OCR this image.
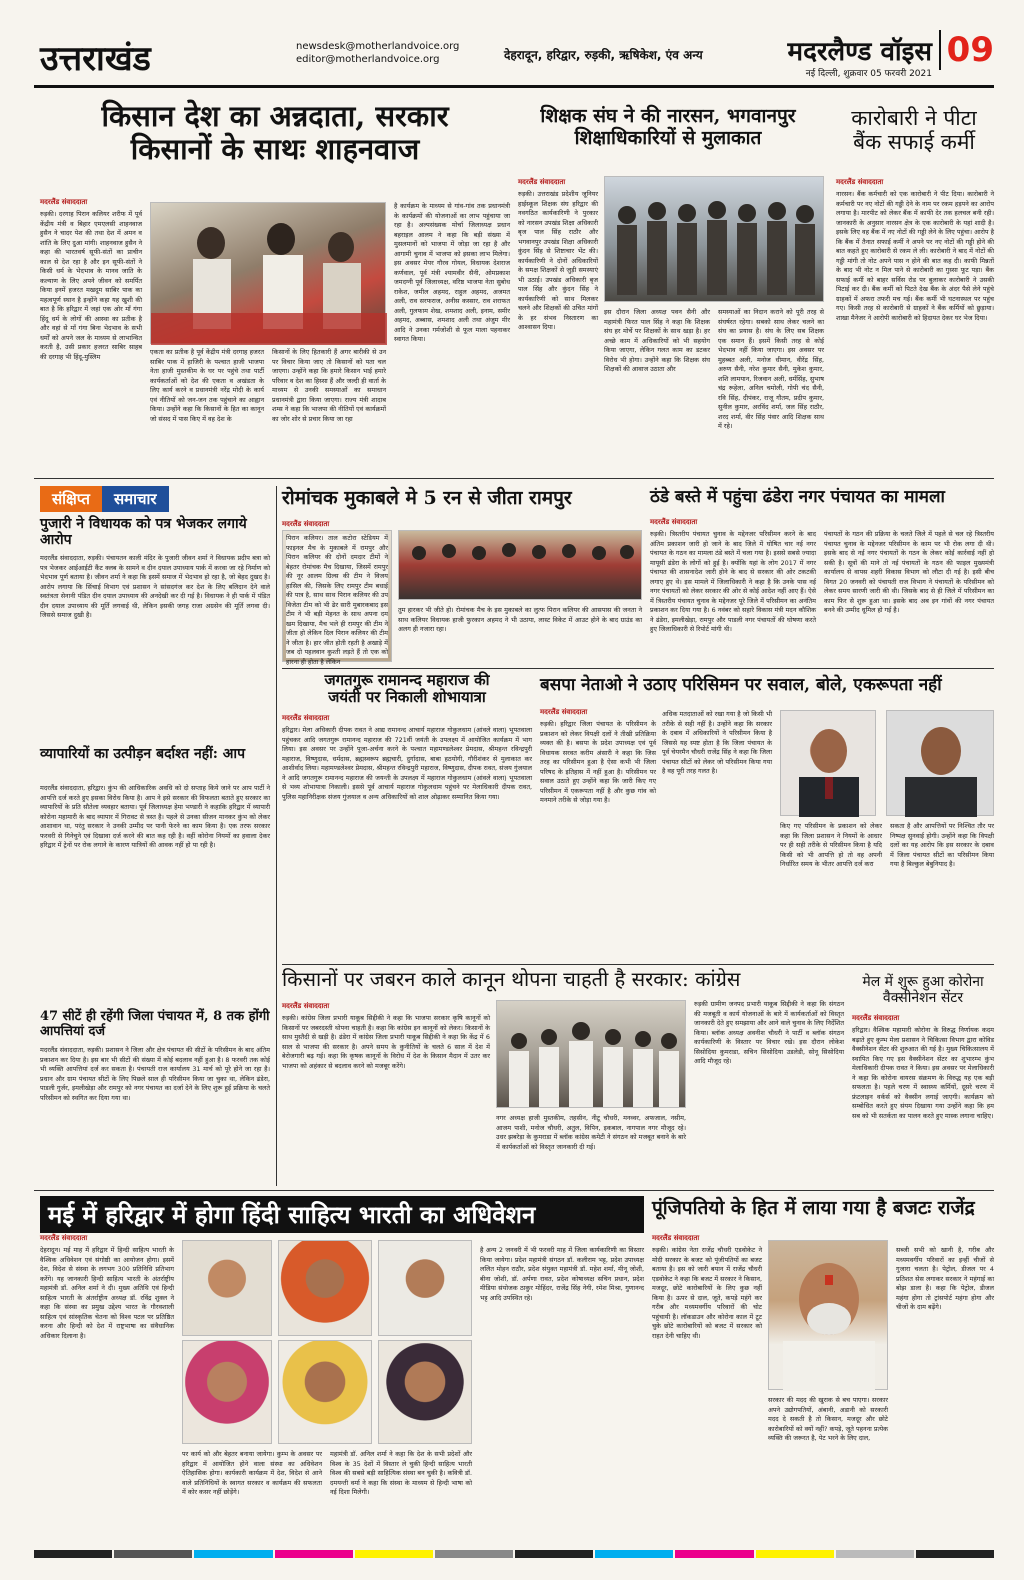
उत्तराखंड	newsdesk@motherlandvoice.org
editor@motherlandvoice.org	देहरादून, हरिद्वार, रुड़की, ऋषिकेश, एंव अन्य	मदरलैण्ड वॉइस
नई दिल्ली, शुक्रवार 05 फरवरी 2021
09
किसान देश का अन्नदाता, सरकार
किसानों के साथः शाहनवाज
मदरलैंड संवाददाता
रुड़की। दरगाह पिरान कलियर शरीफ में पूर्व केंद्रीय मंत्री व बिहार एमएलसी शाहनवाज हुसैन ने चादर पेश की तथा देश में अमन व शांति के लिए दुआ मांगी। शाहनवाज हुसैन ने कहा की भारतवर्ष सूफी-संतों का प्राचीन काल से देश रहा है और इन सूफी-संतों ने किसी धर्म के भेदभाव के मानव जाति के कल्याण के लिए अपने जीवन को समर्पित किया इनमें हजरत मखदूम साबिर पाक का महत्वपूर्ण स्थान है इन्होंने कहा यह खुशी की बात है कि हरिद्वार में जहां एक ओर माँ गंगा हिंदू धर्म के लोगों की आस्था का प्रतीक है और वहां से माँ गंगा बिना भेदभाव के सभी धर्मों को अपने जल के माध्यम से लाभान्वित करती है, उसी प्रकार हजरत साबिर साहब की दरगाह भी हिंदू-मुस्लिम
एकता का प्रतीक है पूर्व केंद्रीय मंत्री दरगाह हजरत साबिर पाक में हाजिरी के पश्चात हाजी भाजपा नेता हाजी मुस्तकीम के घर पर पहुंचे तथा पार्टी कार्यकर्ताओं को देश की एकता व अखंडता के लिए कार्य करने व प्रधानमंत्री नरेंद्र मोदी के कार्य एवं नीतियों को जन-जन तक पहुंचाने का आह्वान किया। उन्होंने कहा कि किसानों के हित का कानून जो संसद में पास किए में वह देश के
किसानों के लिए हितकारी हैं अगर बारीकी से उन पर विचार किया जाए तो किसानों को पता चल जाएगा। उन्होंने कहा कि हमारे किसान भाई हमारे परिवार व देश का हिस्सा हैं और जल्दी ही वार्ता के माध्यम से उनकी समस्याओं का समाधान प्रधानमंत्री द्वारा किया जाएगा। राज्य मंत्री शादाब शम्स ने कहा कि भाजपा की नीतियों एवं कार्यक्रमों का जोर शोर से प्रचार किया जा रहा
है कार्यक्रम के माध्यम से गांव-गांव तक प्रधानमंत्री के कार्यक्रमों की योजनाओं का लाभ पहुंचाया जा रहा है। अल्पसंख्यक मोर्चा जिलाध्यक्ष प्रधान बहराइल आलम ने कहा कि बड़ी संख्या में मुसलमानों को भाजपा में जोड़ा जा रहा है और आगामी चुनाव में भाजपा को इसका लाभ मिलेगा। इस अवसर मेयर गौरव गोयल, विधायक देशराज कर्णवाल, पूर्व मंत्री श्यामवीर सैनी, ओमप्रकाश जमदग्नी पूर्व जिलाध्यक्ष, वरिष्ठ भाजपा नेता सुबोध राकेश, जमील अहमद, राहुल अहमद, अजमत अली, राव सरफराज, अनीस कस्सार, राव शराफत अली, गुलफाम शेख, शमशाद अली, इनाम, समीर अहमद, अब्बास, शमशाद अली तथा अंजुम मीर आदि ने उनका गर्मजोशी से फूल माला पहनाकर स्वागत किया।
शिक्षक संघ ने की नारसन, भगवानपुर
शिक्षाधिकारियों से मुलाकात
मदरलैंड संवाददाता
रुड़की। उत्तराखंड प्रदेशीय जूनियर हाईस्कूल शिक्षक संघ हरिद्वार की नवगठित कार्यकारिणी ने पुरकार को नारसन उपखंड शिक्षा अधिकारी बृज पाल सिंह राठौर और भगवानपुर उपखंड शिक्षा अधिकारी कुंदन सिंह से शिष्टाचार भेंट की। कार्यकारिणी ने दोनों अधिकारियों के समक्ष शिक्षकों से जुड़ी समस्याएं भी उठाई। उपखंड अधिकारी बृज पाल सिंह और कुंदन सिंह ने कार्यकारिणी को साथ मिलकर चलने और शिक्षकों की उचित मांगों के हर संभव निस्तारण का आश्वासन दिया।
इस दौरान जिला अध्यक्ष पवन सैनी और महामंत्री फिरत पाल सिंह ने कहा कि शिक्षक संघ हर मोर्चे पर शिक्षकों के साथ खड़ा है। हर अच्छे काम में अधिकारियों को भी सहयोग किया जाएगा, लेकिन गलत काम का डटकर विरोध भी होगा। उन्होंने कहा कि शिक्षक संघ शिक्षकों की आवाज उठाता और
समस्याओं का निदान कराने को पूरी तरह से संघर्षरत रहेगा। सबको साथ लेकर चलने का संघ का प्रयास है। संघ के लिए सब शिक्षक एक समान हैं। इसमें किसी तरह से कोई भेदभाव नहीं किया जाएगा। इस अवसर पर मुहब्बत अली, मनोज धीमान, वीरेंद्र सिंह, अरुण सैनी, नरेश कुमार सैनी, मुकेश कुमार, शशि लामयान, रिजवान अली, धर्मसिंह, सुभाष चंद्र रूहेला, अनिल चमोली, गोपी चंद सैनी, रवि सिंह, दीपंकर, राजू गौतम, प्रदीप कुमार, सुनील कुमार, अरविंद शर्मा, जल सिंह राठौर, शरद शर्मा, वीर सिंह पंवार आदि शिक्षक साथ में रहे।
कारोबारी ने पीटा
बैंक सफाई कर्मी
मदरलैंड संवाददाता
नारसन। बैंक कर्मचारी को एक कारोबारी ने पीट दिया। कारोबारी ने कर्मचारी पर नए नोटों की गड्डी देने के नाम पर रकम हड़पने का आरोप लगाया है। मारपीट को लेकर बैंक में काफी देर तक हलचल बनी रही। जानकारी के अनुसार नारसन क्षेत्र के एक कारोबारी के यहां शादी है। इसके लिए वह बैंक में नए नोटों की गड्डी लेने के लिए पहुंचा। आरोप है कि बैंक में तैनात सफाई कर्मी ने अपने पर नए नोटों की गड्डी होने की बात कहते हुए कारोबारी से रकम ले ली। कारोबारी ने बाद में नोटों की गड्डी मांगी तो नोट अपने पास न होने की बात कह दी। काफी मिन्नतों के बाद भी नोट न मिल पाने से कारोबारी का गुस्सा फूट पड़ा। बैंक सफाई कर्मी को बाहर सर्विस रोड पर बुलाकर कारोबारी ने उसकी पिटाई कर दी। बैंक कर्मी को पिटते देख बैंक के अंदर पैसे लेने पहुंचे ग्राहकों में अफरा तफरी मच गई। बैंक कर्मी भी घटनास्थल पर पहुंच गए। किसी तरह से कारोबारी से ग्राहकों ने बैंक कर्मियों को छुड़ाया। शाखा मैनेजर ने आरोपी कारोबारी को हिदायत देकर घर भेज दिया।
संक्षिप्त	समाचार
पुजारी ने विधायक को पत्र भेजकर लगाये आरोप
मदरलैंड संवाददाता, रुड़की। पंचायतन काली मंदिर के पुजारी जीवन शर्मा ने विधायक प्रदीप बत्रा को पत्र भेजकर आईआईटी कैंट क्लब के सामने व दीन दयाल उपाध्याय पार्क में करवा जा रहे निर्माण को भेदभाव पूर्ण बताया है। जीवन शर्मा ने कहा कि इसमें समाज में भेदभाव हो रहा है, जो बेहद दुखद है। आरोप लगाया कि सिंचाई विभाग एवं प्रशासन ने सांसदगंज कर देश के लिए बलिदान देने वाले स्वतंत्रता सेनानी पंडित दीन दयाल उपाध्याय की अनदेखी कर दी गई है। विधायक ने ही पार्क में पंडित दीन दयाल उपाध्याय की मूर्ति लगवाई थी, लेकिन इसकी जगह राजा अग्रसेन की मूर्ति लगवा दी। जिससे समाज दुखी है।
व्यापारियों का उत्पीड़न बर्दाश्त नहीं: आप
मदरलैंड संवाददाता, हरिद्वार। कुंभ की आधिकारिक अवधि को दो सप्ताह किये जाने पर आप पार्टी ने आपत्ति दर्ज करते हुए इसका विरोध किया है। आप ने इसे सरकार की विफलता बताते हुए सरकार का व्यापारियों के प्रति सौतेला व्यवहार बताया। पूर्व जिलाध्यक्ष हेमा भण्डारी ने कहाकि हरिद्वार में व्यापारी कोरोना महामारी के बाद व्यापार में गिरावट से त्रस्त है। पहले से उनका सीजन मानकर कुंभ को लेकर आशावान था, परंतु सरकार ने उनकी उम्मीद पर पानी फेरने का काम किया है। एक तरफ सरकार फरवरी से गिनेचुने एवं दिखावा दर्ज करने की बात कह रही है। वहीं कोरोना नियमों का हवाला देकर हरिद्वार में ट्रेनों पर रोक लगाने के कारण यात्रियों की आवक नहीं हो पा रही है।
47 सीटें ही रहेंगी जिला पंचायत में, 8 तक होंगी आपत्तियां दर्ज
मदरलैंड संवाददाता, रुड़की। प्रशासन ने जिला और क्षेत्र पंचायत की सीटों के परिसीमन के बाद अंतिम प्रकाशन कर दिया है। इस बार भी सीटों की संख्या में कोई बदलाव नहीं हुआ है। 8 फरवरी तक कोई भी व्यक्ति आपत्तियां दर्ज कर सकता है। पंचायती राज कार्यालय 31 मार्च को पूरे होने जा रहा है। प्रधान और ग्राम पंचायत सीटों के लिए पिछले साल ही परिसीमन किया जा चुका था, लेकिन ढंडेरा, पाडली गुर्जर, इमलीखेड़ा और रामपुर को नगर पंचायत का दर्जा देने के लिए शुरू हुई प्रक्रिया के चलते परिसीमन को स्थगित कर दिया गया था।
रोमांचक मुकाबले मे 5 रन से जीता रामपुर
मदरलैंड संवाददाता
पिरान कलियर। ताल कटोरा स्टेडियम में फाइनल मैच के मुकाबले में रामपुर और पिरान कलियर की दोनों दमदार टीमों ने बेहतर रोमांचक मैच दिखाया, जिसमें रामपुर की नूर आलम ग्रिल्स की टीम ने विजय हासिल की, जिसके लिए रामपुर टीम बधाई की पात्र है, साथ साथ पिरान कलियर की उप विजेता टीम को भी ढेर सारी मुबारकबाद इस टीम ने भी बड़ी मेहनत के साथ अपना दम खम दिखाया, मैच भले ही रामपुर की टीम ने जीता हो लेकिन दिल पिरान कलियर की टीम ने जीता है। हार जीत होती रहती है अखाड़े में जब दो पहलवान कुश्ती लड़ते हैं तो एक को हारना ही होता है लेकिन
तुम हारकर भी जीते हो। रोमांचक मैच के इस मुकाबले का लुत्फ पिरान कलियर की आसपास की जनता ने साथ कलियर विधायक हाजी फुरकान अहमद ने भी उठाया, लास्ट विकेट में आउट होने के बाद ग्राउंड का अलग ही नजारा रहा।
ठंडे बस्ते में पहुंचा ढंडेरा नगर पंचायत का मामला
मदरलैंड संवाददाता
रुड़की। त्रिस्तरीय पंचायत चुनाव के मद्देनजर परिसीमन करने के बाद अंतिम प्रकाशन जारी हो जाने के बाद जिले में घोषित चार नई नगर पंचायत के गठन का मामला ठंडे बस्ते में चला गया है। इससे सबसे ज्यादा मायूसी ढंडेरा के लोगों को हुई है। क्योंकि यहां के लोग 2017 में नगर पंचायत की शासनादेश जारी होने के बाद से सरकार की ओर टकटकी लगाए हुए थे। इस मामले में जिलाधिकारी ने कहा है कि उनके पास नई नगर पंचायतों को लेकर सरकार की ओर से कोई आदेश नहीं आए हैं। ऐसे में त्रिस्तरीय पंचायत चुनाव के मद्देनजर पूरे जिले में परिसीमन का अनंतिम प्रकाशन कर दिया गया है। 6 नवंबर को सहारे विकास मंत्री मदन कौशिक ने ढंडेरा, इमलीखेड़ा, रामपुर और पाडली नगर पंचायतों की घोषणा करते हुए जिलाधिकारी से रिपोर्ट मांगी थी।
पंचायतों के गठन की प्रक्रिया के चलते जिले में पहले से चल रहे त्रिस्तरीय पंचायत चुनाव के मद्देनजर परिसीमन के काम पर भी रोक लगा दी थी। इसके बाद से नई नगर पंचायतों के गठन के लेकर कोई कार्रवाई नहीं हो सकी है। सूत्रों की माने तो नई पंचायतों के गठन की फाइल मुख्यमंत्री कार्यालय से वापस शहरी विकास विभाग को लौटा दी गई है। इसी बीच विगत 20 जनवरी को पंचायती राज विभाग ने पंचायतों के परिसीमन को लेकर समय सारणी जारी की थी। जिसके बाद से ही जिले में परिसीमन का काम फिर से शुरू हुआ था। इसके बाद अब इन गांवों की नगर पंचायत बनने की उम्मीद धूमिल हो गई है।
जगतगुरू रामानन्द महाराज की
जयंती पर निकाली शोभायात्रा
मदरलैंड संवाददाता
हरिद्वार। मेला अधिकारी दीपक रावत ने आद्य रामानन्द आचार्य महाराज गोकुलधाम (आंवले वाला) भूपतवाला पहुंचकर आदि जगतगुरू रामानन्द महाराज की 721वीं जयंती के उपलक्ष्य में आयोजित कार्यक्रम में भाग लिया। इस अवसर पर उन्होंने पूजा-अर्चना करने के पश्चात महामण्डलेश्वर प्रेमदास, श्रीमहन्त रविन्द्रपुरी महाराज, विष्णुदास, धर्मदास, ब्रह्मस्वरूप ब्रह्मचारी, दुर्गादास, बाबा हठयोगी, गौरीशंकर से मुलाकात कर आशीर्वाद लिया। महामण्डलेश्वर प्रेमदास, श्रीमहन्त रविन्द्रपुरी महाराज, विष्णुदास, दीपक रावत, संजय गुंजयाल ने आदि जगतगुरू रामानन्द महाराज की जयन्ती के उपलक्ष्य में महाराज गोकुलधाम (आंवले वाला) भूपतवाला से भव्य शोभायात्रा निकाली। इससे पूर्व आचार्य महाराज गोकुलधाम पहुंचने पर मेलाधिकारी दीपक रावत, पुलिस महानिरीक्षक संजय गुंजयाल व अन्य अधिकारियों को शाल ओढ़ाकर सम्मानित किया गया।
बसपा नेताओ ने उठाए परिसिमन पर सवाल, बोले, एकरूपता नहीं
मदरलैंड संवाददाता
रुड़की। हरिद्वार जिला पंचायत के परिसीमन के प्रकाशन को लेकर विपक्षी दलों ने तीखी प्रतिक्रिया व्यक्त की है। बसपा के प्रदेश उपाध्यक्ष एवं पूर्व विधायक सरवत करीम अंसारी ने कहा कि जिस तरह का परिसीमन हुआ है ऐसा कभी भी जिला परिषद के इतिहास में नहीं हुआ है। परिसीमन पर सवाल उठाते हुए उन्होंने कहा कि जारी किए गए परिसीमन में एकरूपता नहीं है और कुछ गांव को मनमाने तरीके से जोड़ा गया है।
अधिक मतदाताओं को रखा गया है जो किसी भी तरीके से सही नहीं है। उन्होंने कहा कि सरकार के दबाव में अधिकारियों ने परिसीमन किया है जिससे यह स्पष्ट होता है कि जिला पंचायत के पूर्व चेयरमैन चौधरी राजेंद्र सिंह ने कहा कि जिला पंचायत सीटों को लेकर जो परिसीमन किया गया है वह पूरी तरह गलत है।
किए गए परिसीमन के प्रकाशन को लेकर कहा कि जिला प्रशासन ने नियमों के आधार पर ही सही तरीके से परिसीमन किया है यदि किसी को भी आपत्ति हो तो वह अपनी निर्धारित समय के भीतर आपत्ति दर्ज करा
सकता है और आपत्तियों पर निश्चित तौर पर निष्पक्ष सुनवाई होगी। उन्होंने कहा कि विपक्षी दलों का यह आरोप कि इस सरकार के दबाव में जिला पंचायत सीटों का परिसीमन किया गया है बिल्कुल बेबुनियाद है।
किसानों पर जबरन काले कानून थोपना चाहती है सरकार: कांग्रेस
मदरलैंड संवाददाता
रुड़की। कांग्रेस जिला प्रभारी याकूब सिद्दीकी ने कहा कि भाजपा सरकार कृषि कानूनों को किसानों पर जबरदस्ती थोपना चाहती है। कहा कि कांग्रेस इन कानूनों को लेकर। किसानों के साथ मुस्तैदी से खड़ी है। ढंडेरा में कांग्रेस जिला प्रभारी याकूब सिद्दीकी ने कहा कि केंद्र में 6 साल से भाजपा की सरकार है। अपने समय के कुनीतियों के चलते 6 साल में देश में बेरोजगारी बढ़ गई। कहा कि कृषक कानूनों के विरोध में देश के किसान मैदान में उतर कर भाजपा को अहंकार से बदलाव करने को मजबूर करेंगे।
नगर अध्यक्ष हाजी मुस्तकीम, तहसीन, नीटू चौधरी, मनव्वर, अफजाल, नसीम, आजम पाशी, मनोज चौधरी, अतुल, विपिन, इकबाल, नागपाल नगर मौजूद रहे। उधर झबरेड़ा के कुमराडा में ब्लॉक कांग्रेस कमेटी ने संगठन को मजबूत बनाने के बारे में कार्यकर्ताओं को विस्तृत जानकारी दी गई।
रुड़की ग्रामीण जनपद प्रभारी याकूब सिद्दीकी ने कहा कि संगठन की मजबूती व कार्य योजनाओं के बारे में कार्यकर्ताओं को विस्तृत जानकारी देते हुए समझाया और आने वाले चुनाव के लिए निर्देशित किया। ब्लॉक अध्यक्ष अवनीश चौधरी ने पार्टी व ब्लॉक संगठन कार्यकारिणी के विस्तार पर विचार रखे। इस दौरान लोकेश सिसोदिया कुमराडा, सचिन सिसोदिया उडलेडी, सोनू सिसोदिया आदि मौजूद रहे।
मेल में शुरू हुआ कोरोना
वैक्सीनेशन सेंटर
मदरलैंड संवाददाता
हरिद्वार। वैश्विक महामारी कोरोना के विरुद्ध निर्णायक कदम बढ़ाते हुए कुम्भ मेला प्रशासन ने चिकित्सा विभाग द्वारा कोविड वैक्सीनेशन सेंटर की शुरुआत की गई है। मुख्य चिकित्सालय में स्थापित किए गए इस वैक्सीनेशन सेंटर का शुभारम्भ कुंभ मेलाधिकारी दीपक रावत ने किया। इस अवसर पर मेलाधिकारी ने कहा कि कोरोना वायरस संक्रमण के विरुद्ध यह एक बड़ी सफलता है। पहले चरण में स्वास्थ्य कर्मियों, दूसरे चरण में फ्रंटलाइन वर्कर्स को वैक्सीन लगाई जाएगी। कार्यक्रम को सम्बोधित करते हुए संयम दिखाया गया उन्होंने कहा कि हम सब को भी सतर्कता का पालन करते हुए मास्क लगाना चाहिए।
मई में हरिद्वार में होगा हिंदी साहित्य भारती का अधिवेशन
मदरलैंड संवाददाता
देहरादून। मई माह में हरिद्वार में हिन्दी साहित्य भारती के वैश्विक अधिवेशन एवं संगोष्ठी का आयोजन होगा। इसमें देश, विदेश से संस्था के लगभग 300 प्रतिनिधि प्रतिभाग करेंगे। यह जानकारी हिन्दी साहित्य भारती के अंतर्राष्ट्रीय महामंत्री डॉ. अनिल शर्मा ने दी। मुख्य अतिथि एवं हिन्दी साहित्य भारती के अंतर्राष्ट्रीय अध्यक्ष डॉ. रविंद्र शुक्ल ने कहा कि संस्था का प्रमुख उद्देश्य भारत के गौरवशाली साहित्य एवं सांस्कृतिक चेतना को विश्व पटल पर प्रतिष्ठित करना और हिन्दी को देश में राष्ट्रभाषा का संवैधानिक अधिकार दिलाना है।
पर कार्य को और बेहतर बनाया जायेगा। कुम्भ के अवसर पर हरिद्वार में आयोजित होने वाला संस्था का अधिवेशन ऐतिहासिक होगा। कार्यकारी कार्यक्रम में देश, विदेश से आने वाले प्रतिनिधियों के स्वागत सरकार व कार्यक्रम की सफलता में कोर कसर नहीं छोड़ेंगे।
महामंत्री डॉ. अनिल शर्मा ने कहा कि देश के सभी प्रदेशों और विश्व के 35 देशों में विस्तार ले चुकी हिन्दी साहित्य भारती विश्व की सबसे बड़ी साहित्यिक संस्था बन चुकी है। कवित्री डॉ. दमयन्ती वर्मा ने कहा कि संस्था के माध्यम से हिन्दी भाषा को नई दिशा मिलेगी।
है अन्य 2 जनवरी में भी फरवरी माह में जिला कार्यकारिणी का विस्तार किया जायेगा। प्रदेश महामंत्री संगठन डॉ. कलीराम भट्ट, प्रदेश उपाध्यक्ष ललित मोहन राठौर, प्रदेश संयुक्त महामंत्री डॉ. महेश शर्मा, मीनू जोशी, बीना जोशी, डॉ. अर्पणा रावत, प्रदेश कोषाध्यक्ष सचिन प्रधान, प्रदेश मीडिया संयोजक ठाकुर मोहिंदर, राजेंद्र सिंह नेगी, रमेश मिश्रा, गुणानन्द भट्ट आदि उपस्थित रहे।
पूंजिपतियो के हित में लाया गया है बजटः राजेंद्र
मदरलैंड संवाददाता
रुड़की। कांग्रेस नेता राजेंद्र चौधरी एडवोकेट ने मोदी सरकार के बजट को पूंजीपतियों का बजट बताया है। इस को जारी बयान में राजेंद्र चौधरी एडवोकेट ने कहा कि बजट में सरकार ने किसान, मजदूर, छोटे कारोबारियों के लिए कुछ नहीं किया है। ऊपर से दाल, जूते, कपड़े महंगे कर गरीब और मध्यमवर्गीय परिवारों की चोट पहुंचायी है। लॉकडाउन और कोरोना काल में टूट चुके छोटे कारोबारियों को बजट में सरकार को राहत देनी चाहिए थी।
सरकार की मदद की खुराक से बच पाएगा। सरकार अपने उद्योगपतियों, अंबानी, अडानी को सरकारी मदद दे सकती है तो किसान, मजदूर और छोटे कारोबारियों को क्यों नहीं? कपड़े, जूते पहनना प्रत्येक व्यक्ति की जरूरत है, पेट भरने के लिए दाल,
सब्जी सभी को खानी है, गरीब और मध्यमवर्गीय परिवारों का इन्हीं चीजों से गुजारा चलता है। पेट्रोल, डीजल पर 4 प्रतिशत सेस लगाकर सरकार ने महंगाई का बोझ डाला है। कहा कि पेट्रोल, डीजल महंगा होगा तो ट्रांसपोर्ट महंगा होगा और चीजों के दाम बढ़ेंगे।
